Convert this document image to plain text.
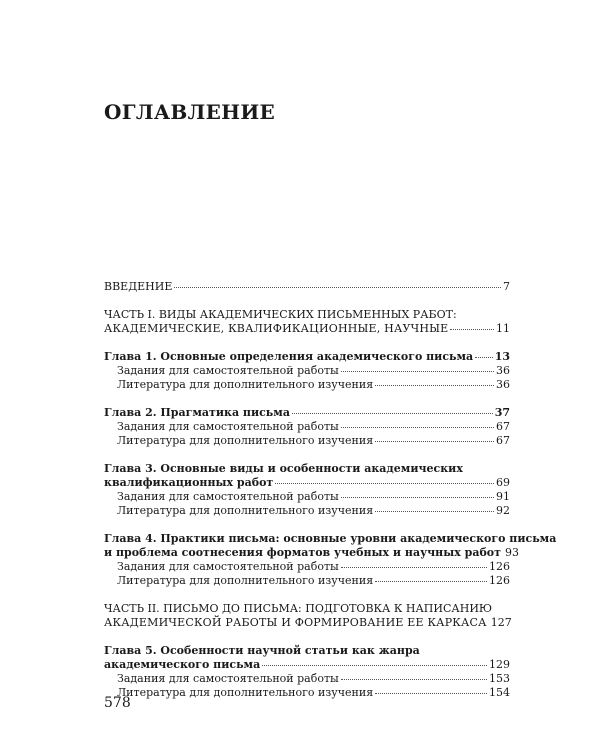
ОГЛАВЛЕНИЕ
ВВЕДЕНИЕ	7
ЧАСТЬ I. ВИДЫ АКАДЕМИЧЕСКИХ ПИСЬМЕННЫХ РАБОТ:
АКАДЕМИЧЕСКИЕ, КВАЛИФИКАЦИОННЫЕ, НАУЧНЫЕ	11
Глава 1. Основные определения академического письма 13
Задания для самостоятельной работы	36
Литература для дополнительного изучения	36
Глава 2. Прагматика письма	37
Задания для самостоятельной работы	67
Литература для дополнительного изучения	67
Глава 3. Основные виды и особенности академических
квалификационных работ	69
Задания для самостоятельной работы	91
Литература для дополнительного изучения	92
Глава 4. Практики письма: основные уровни академического письма
и проблема соотнесения форматов учебных и научных работ 93
Задания для самостоятельной работы	126
Литература для дополнительного изучения	126
ЧАСТЬ II. ПИСЬМО ДО ПИСЬМА: ПОДГОТОВКА К НАПИСАНИЮ
АКАДЕМИЧЕСКОЙ РАБОТЫ И ФОРМИРОВАНИЕ ЕЕ КАРКАСА 127
Глава 5. Особенности научной статьи как жанра
академического письма	129
Задания для самостоятельной работы	153
Литература для дополнительного изучения	154
578
